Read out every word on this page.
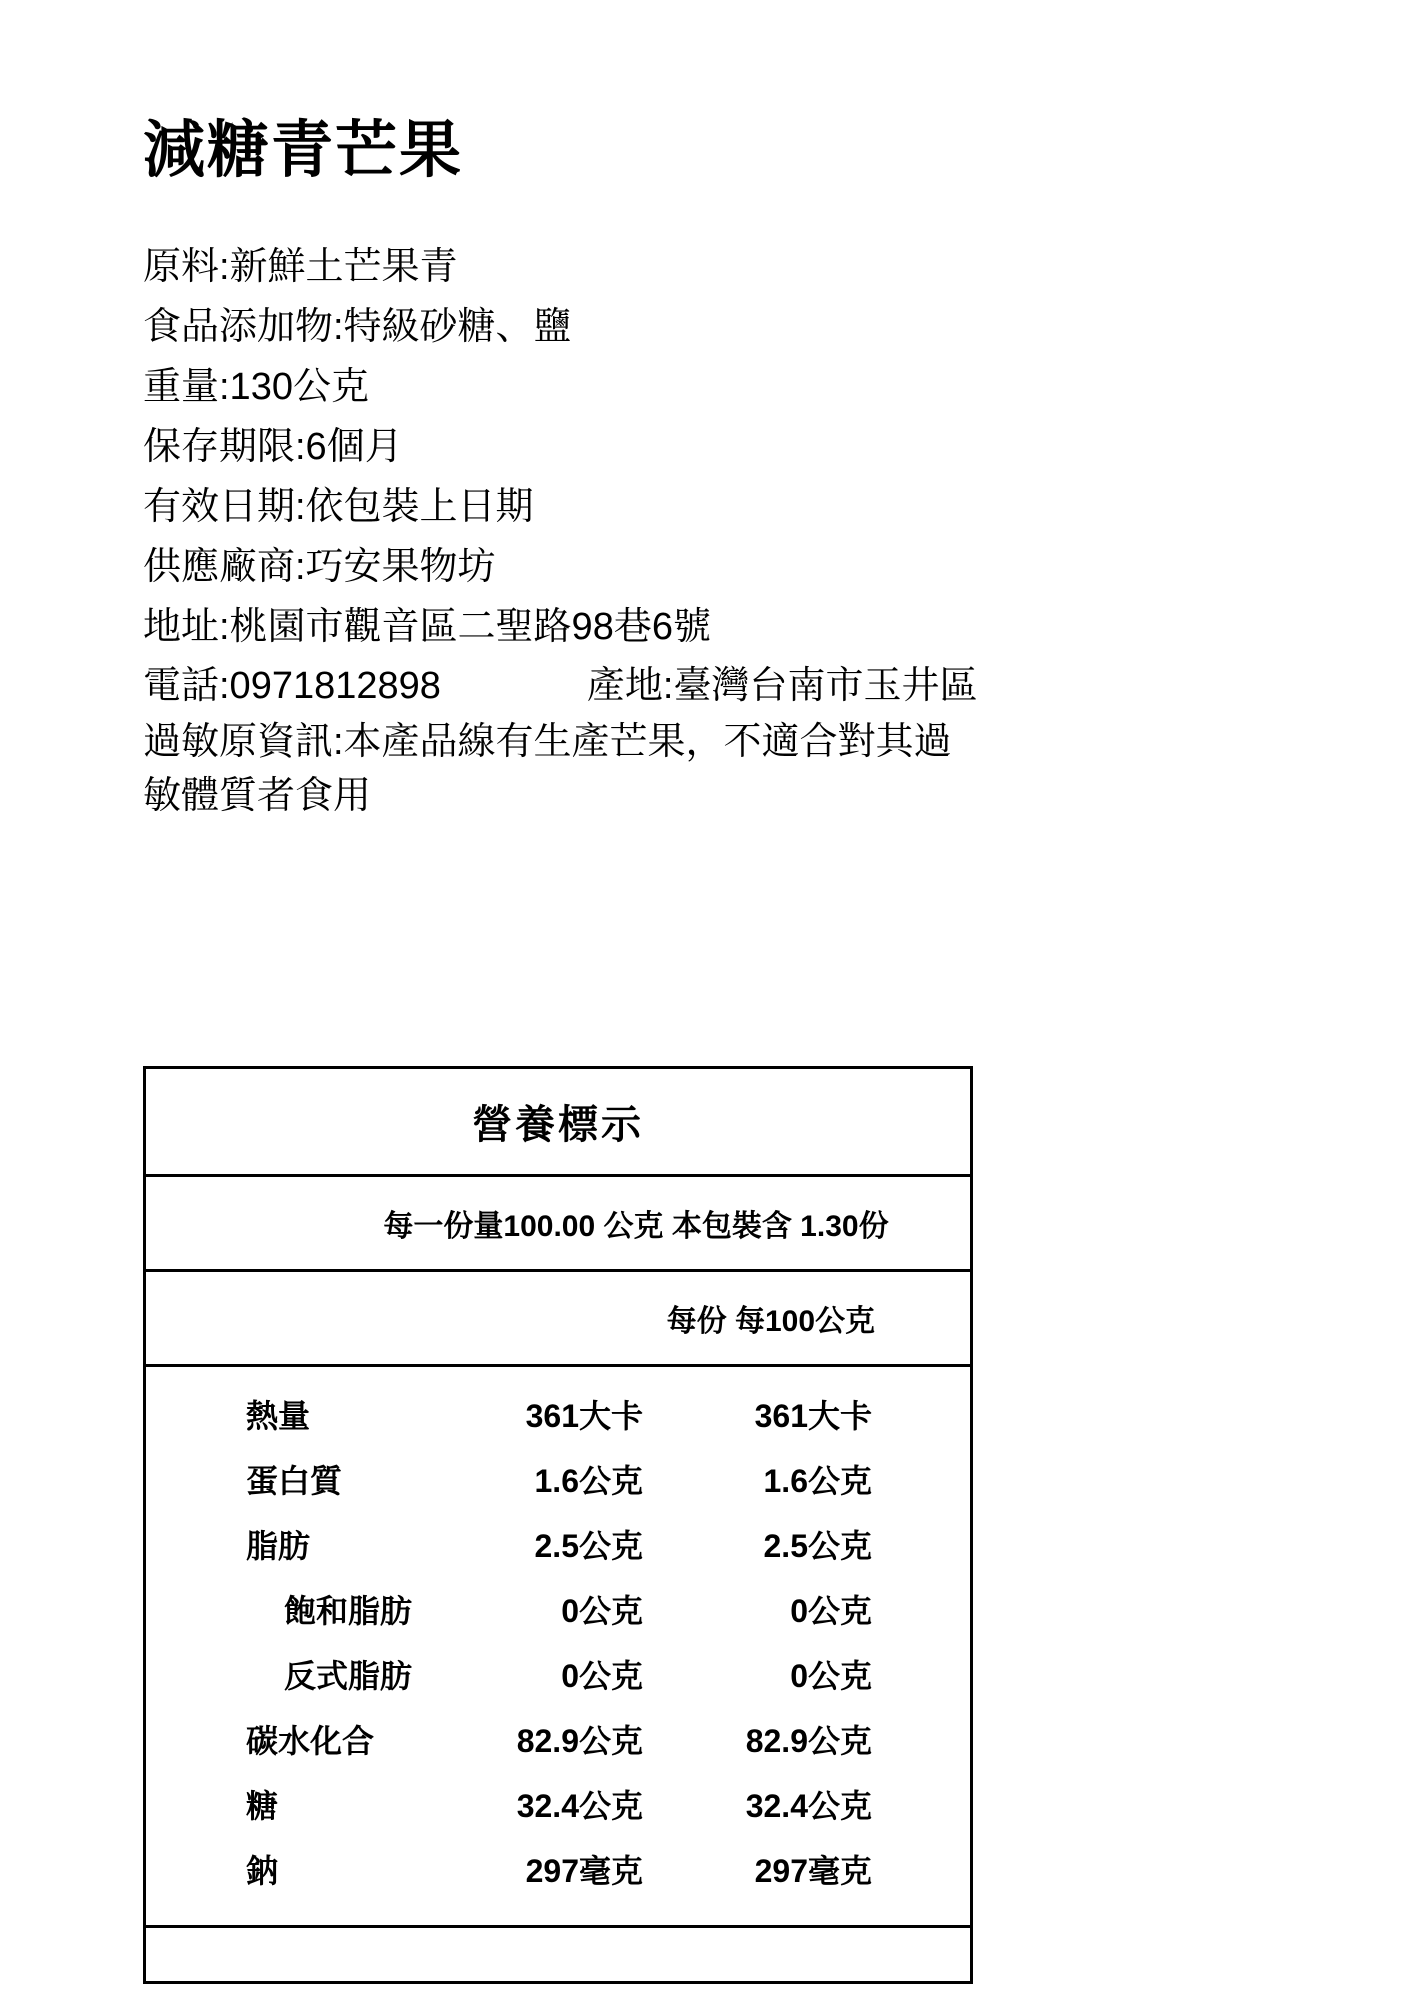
減糖青芒果
原料:新鮮土芒果青
食品添加物:特級砂糖、鹽
重量:130公克
保存期限:6個月
有效日期:依包裝上日期
供應廠商:巧安果物坊
地址:桃園市觀音區二聖路98巷6號
電話:0971812898	產地:臺灣台南市玉井區
過敏原資訊:本產品線有生產芒果，不適合對其過敏體質者食用
營養標示
每一份量100.00 公克 本包裝含 1.30份
每份 每100公克
熱量	361大卡	361大卡
蛋白質	1.6公克	1.6公克
脂肪	2.5公克	2.5公克
飽和脂肪	0公克	0公克
反式脂肪	0公克	0公克
碳水化合	82.9公克	82.9公克
糖	32.4公克	32.4公克
鈉	297毫克	297毫克
